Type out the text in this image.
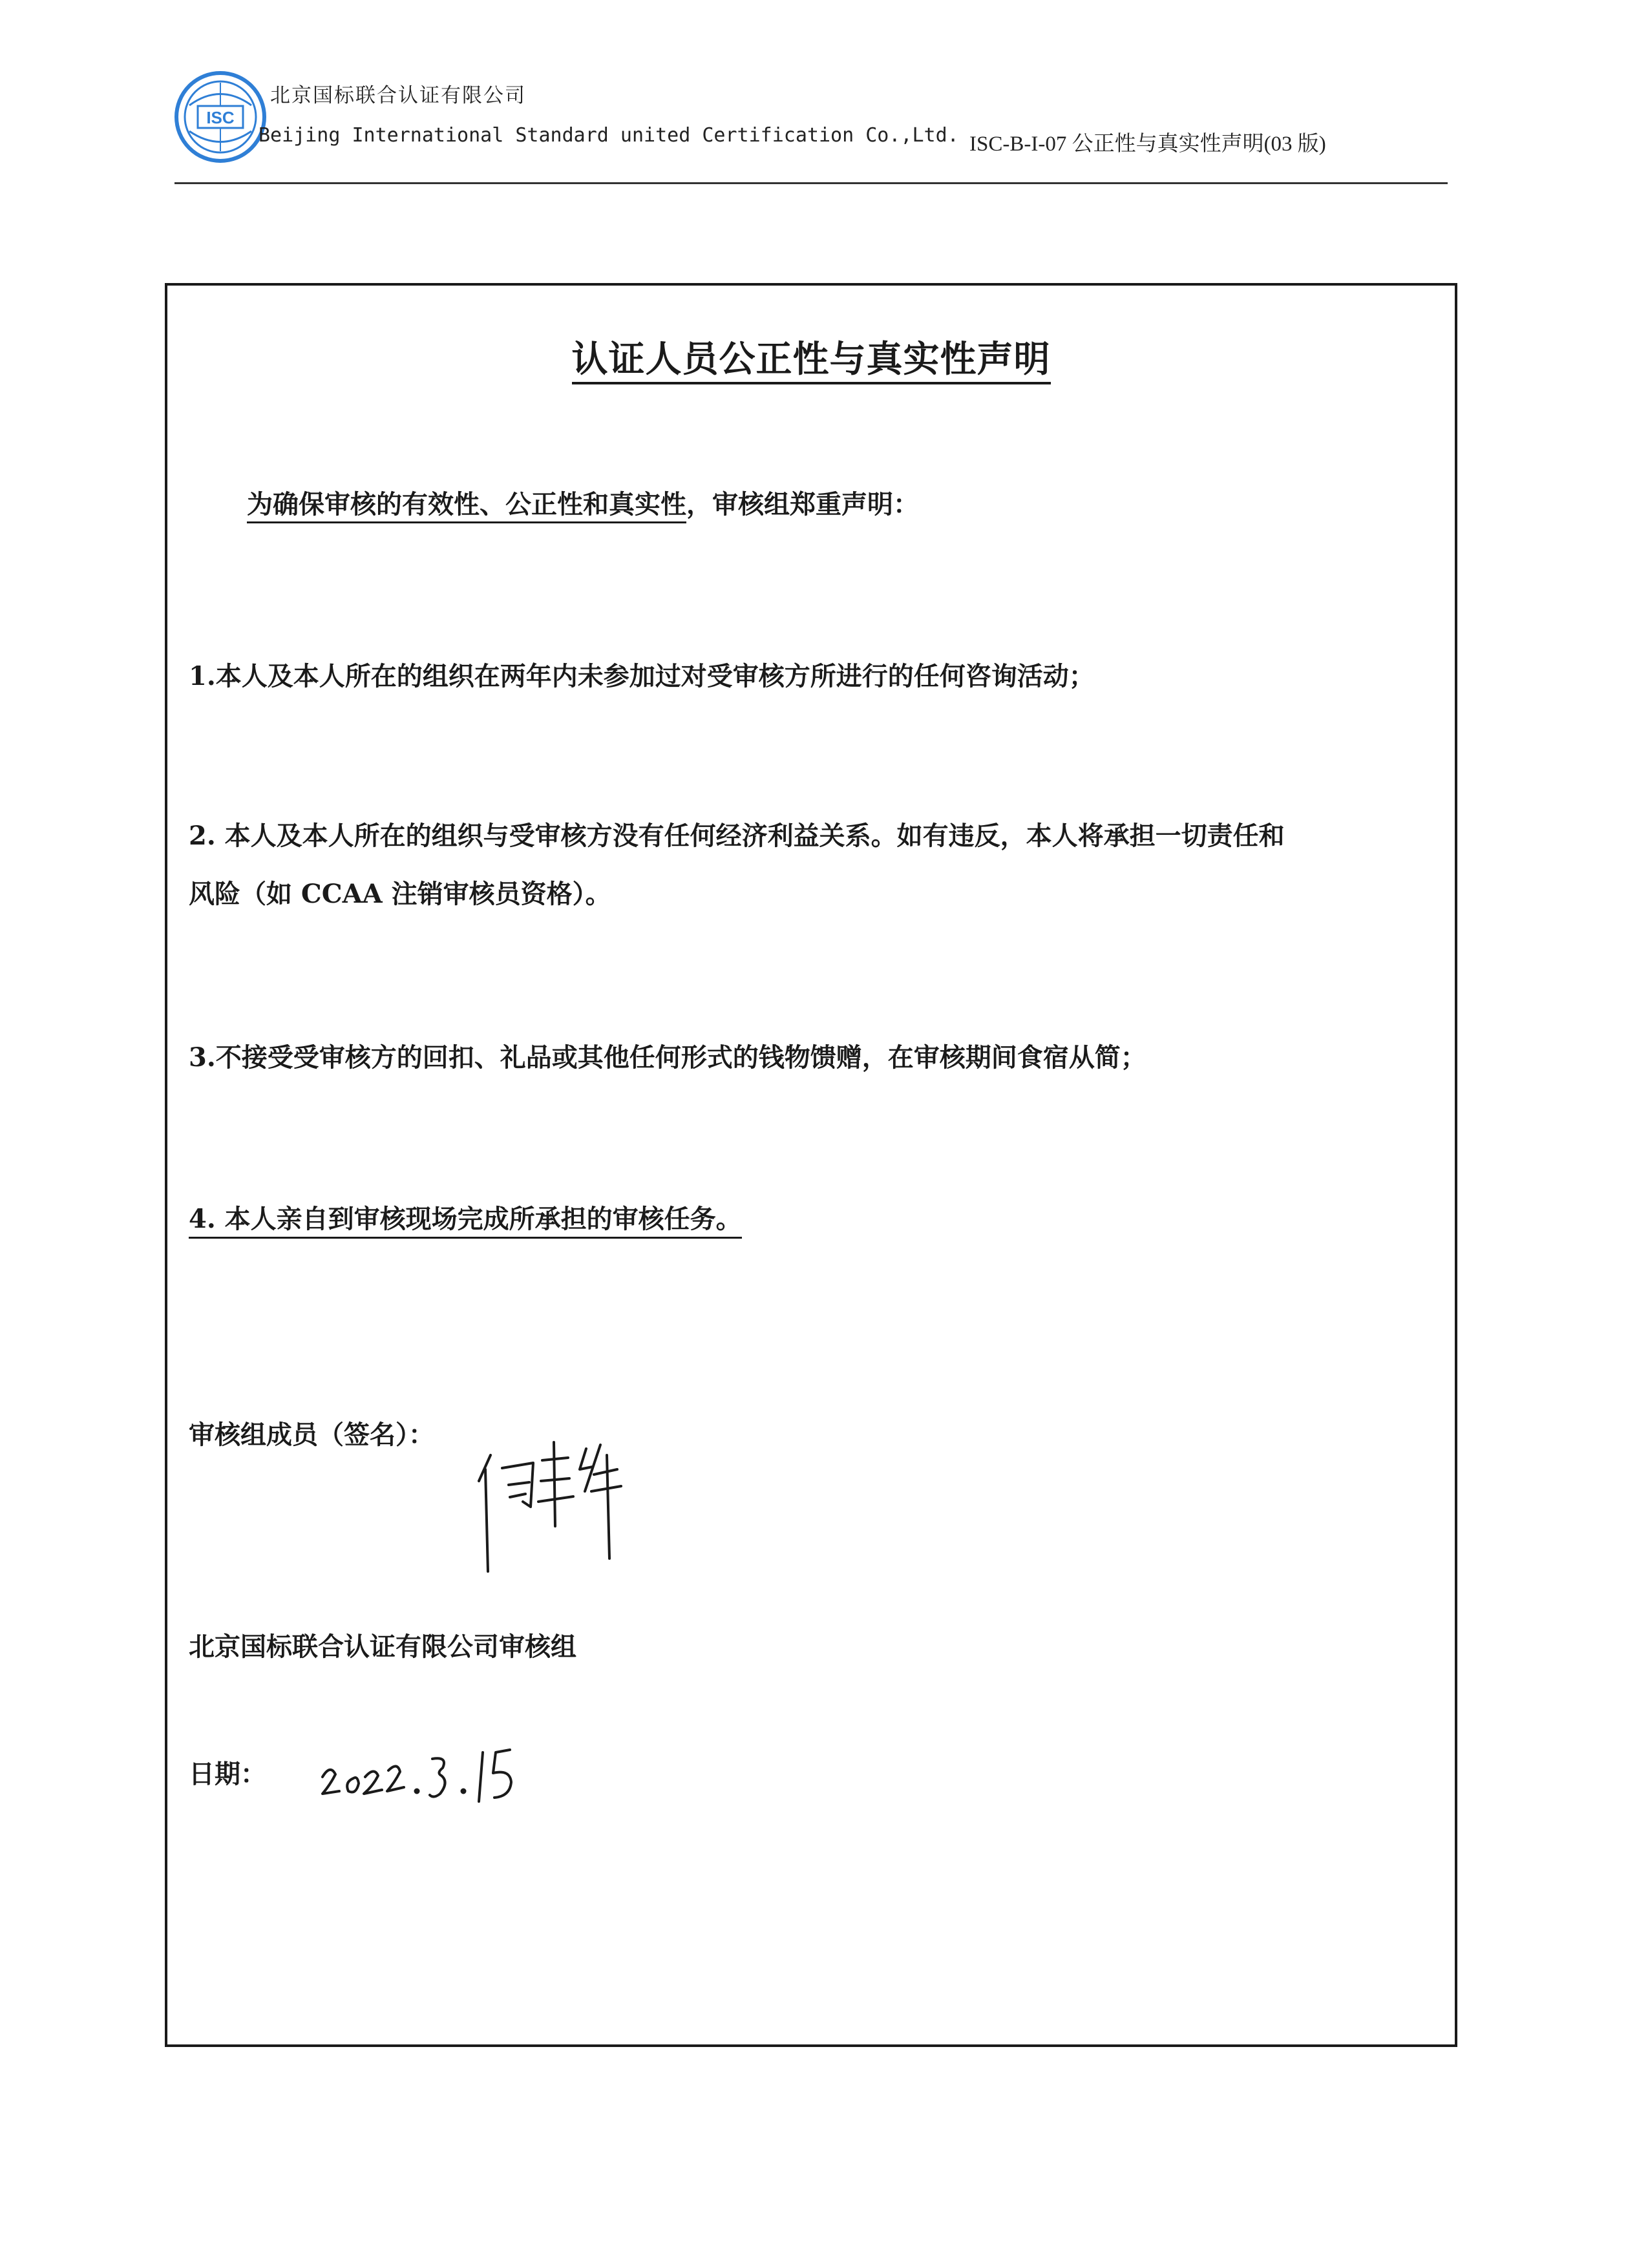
ISC
北京国标联合认证有限公司
Beijing International Standard united Certification Co.,Ltd. ISC-B-I-07 公正性与真实性声明(03 版)
认证人员公正性与真实性声明
为确保审核的有效性、公正性和真实性，审核组郑重声明：
1.本人及本人所在的组织在两年内未参加过对受审核方所进行的任何咨询活动；
2. 本人及本人所在的组织与受审核方没有任何经济利益关系。如有违反，本人将承担一切责任和
风险（如 CCAA 注销审核员资格）。
3.不接受受审核方的回扣、礼品或其他任何形式的钱物馈赠，在审核期间食宿从简；
4. 本人亲自到审核现场完成所承担的审核任务。
审核组成员（签名）：
北京国标联合认证有限公司审核组
日期：
